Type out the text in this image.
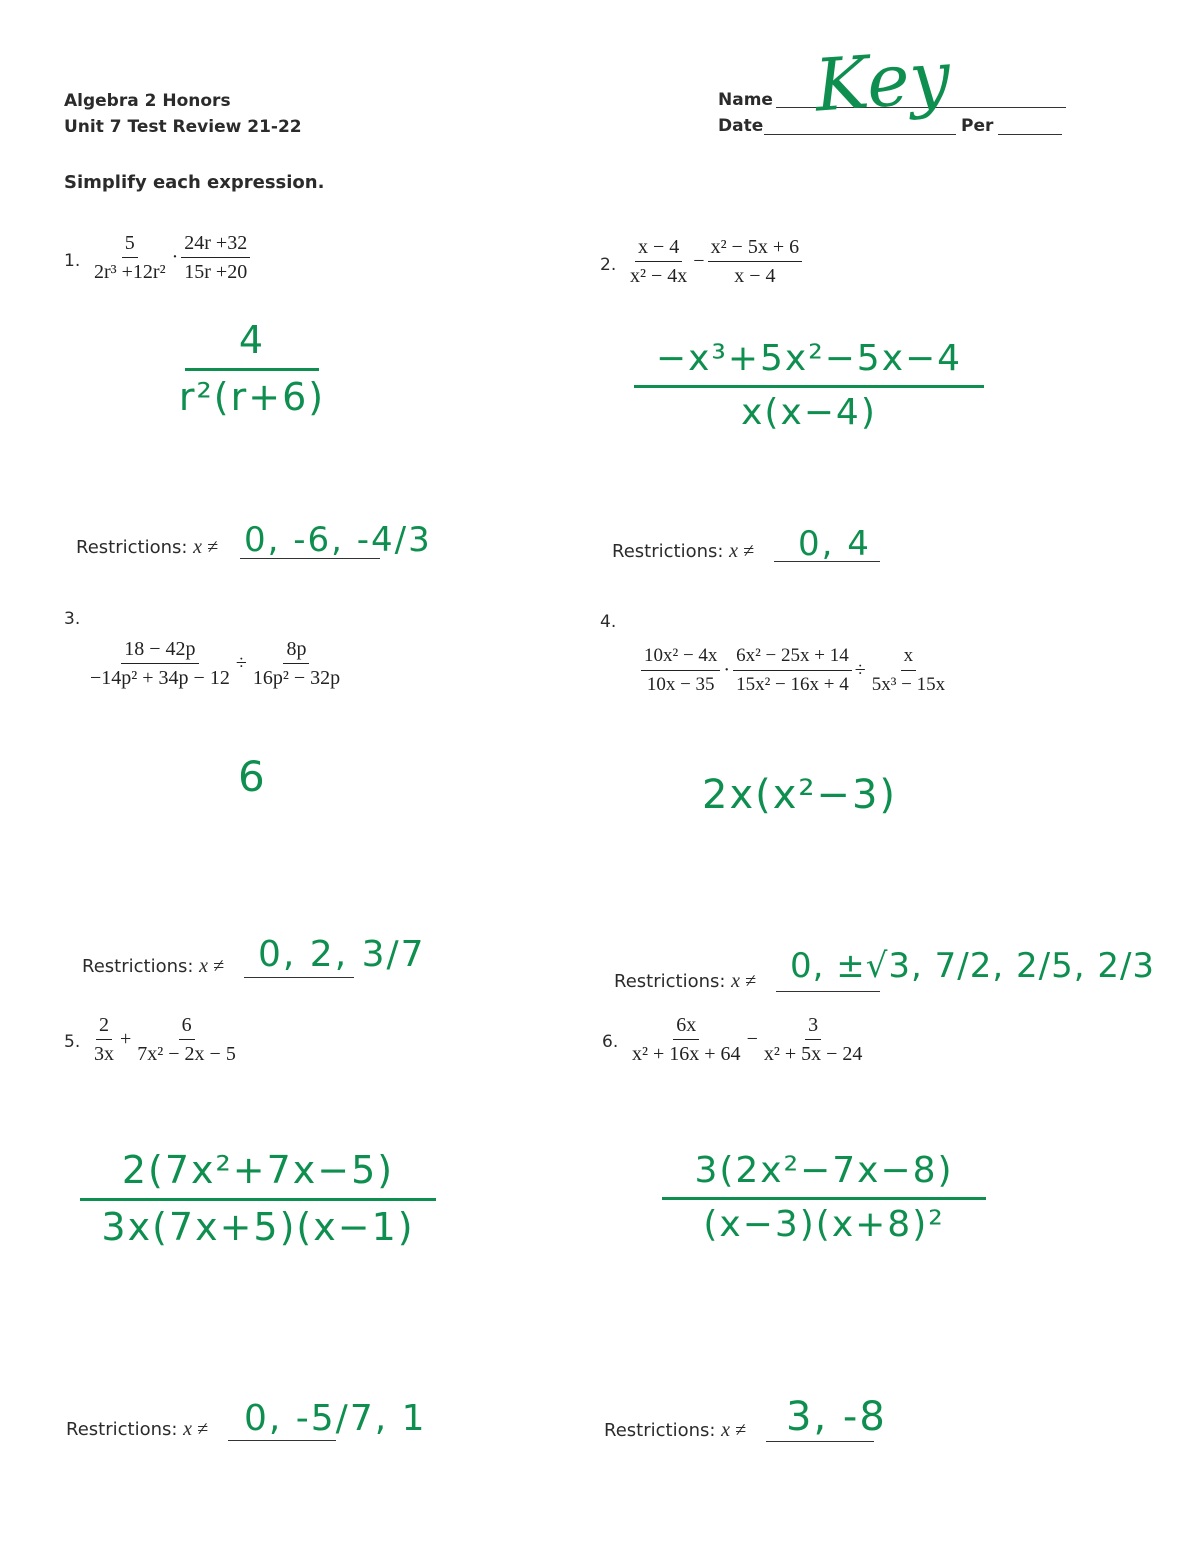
Algebra 2 Honors
Unit 7 Test Review 21-22
Name
Date	Per
Key
Simplify each expression.
1. $\frac{5}{\text{2r³ +12r²}} \cdot \frac{24r +32}{15r +20}$
4
r²(r+6)
Restrictions: x ≠ 0, -6, -4/3
2. $\frac{x - 4}{\text{x² − 4x}} - \frac{\text{x² − 5x + 6}}{x - 4}$
−x³+5x²−5x−4
x(x−4)
Restrictions: x ≠ 0, 4
3.
$\frac{18 - 42p}{\text{−14p² + 34p − 12}} \div \frac{8p}{\text{16p² − 32p}}$
6
Restrictions: x ≠ 0, 2, 3/7
4.
$\frac{\text{10x² − 4x}}{10x - 35} \cdot \frac{\text{6x² − 25x + 14}}{\text{15x² − 16x + 4}} \div \frac{x}{\text{5x³ − 15x}}$
2x(x²−3)
Restrictions: x ≠ 0, ±√3, 7/2, 2/5, 2/3
5. $\frac{2}{3x} + \frac{6}{\text{7x² − 2x − 5}}$
2(7x²+7x−5)
3x(7x+5)(x−1)
Restrictions: x ≠ 0, -5/7, 1
6. $\frac{6x}{\text{x² + 16x + 64}} - \frac{3}{\text{x² + 5x − 24}}$
3(2x²−7x−8)
(x−3)(x+8)²
Restrictions: x ≠ 3, -8
